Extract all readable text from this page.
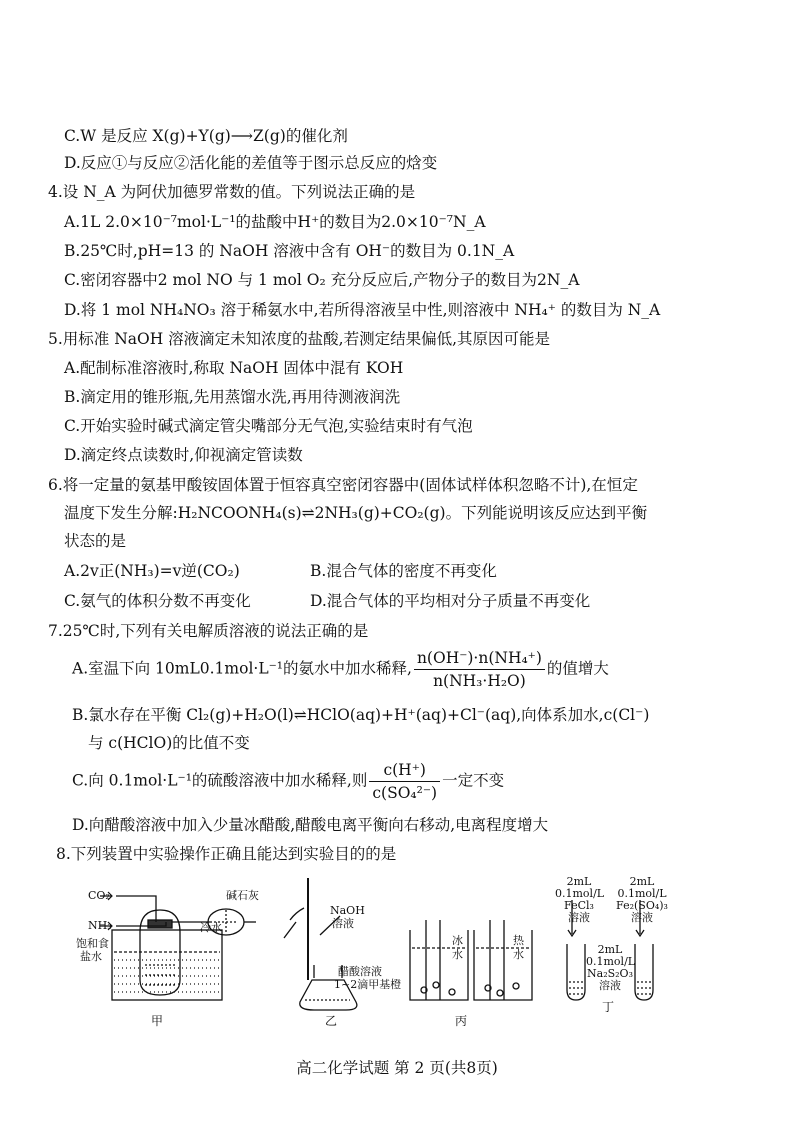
C.W 是反应 X(g)+Y(g)⟶Z(g)的催化剂
D.反应①与反应②活化能的差值等于图示总反应的焓变
4.设 N_A 为阿伏加德罗常数的值。下列说法正确的是
A.1L 2.0×10⁻⁷mol·L⁻¹的盐酸中H⁺的数目为2.0×10⁻⁷N_A
B.25℃时,pH=13 的 NaOH 溶液中含有 OH⁻的数目为 0.1N_A
C.密闭容器中2 mol NO 与 1 mol O₂ 充分反应后,产物分子的数目为2N_A
D.将 1 mol NH₄NO₃ 溶于稀氨水中,若所得溶液呈中性,则溶液中 NH₄⁺ 的数目为 N_A
5.用标准 NaOH 溶液滴定未知浓度的盐酸,若测定结果偏低,其原因可能是
A.配制标准溶液时,称取 NaOH 固体中混有 KOH
B.滴定用的锥形瓶,先用蒸馏水洗,再用待测液润洗
C.开始实验时碱式滴定管尖嘴部分无气泡,实验结束时有气泡
D.滴定终点读数时,仰视滴定管读数
6.将一定量的氨基甲酸铵固体置于恒容真空密闭容器中(固体试样体积忽略不计),在恒定
温度下发生分解:H₂NCOONH₄(s)⇌2NH₃(g)+CO₂(g)。下列能说明该反应达到平衡
状态的是
A.2v正(NH₃)=v逆(CO₂)	B.混合气体的密度不再变化
C.氨气的体积分数不再变化	D.混合气体的平均相对分子质量不再变化
7.25℃时,下列有关电解质溶液的说法正确的是
A.室温下向 10mL0.1mol·L⁻¹的氨水中加水稀释, $\frac{\text{n(OH⁻)·n(NH₄⁺)}}{\text{n(NH₃·H₂O)}}$ 的值增大
B.氯水存在平衡 Cl₂(g)+H₂O(l)⇌HClO(aq)+H⁺(aq)+Cl⁻(aq),向体系加水,c(Cl⁻)
与 c(HClO)的比值不变
C.向 0.1mol·L⁻¹的硫酸溶液中加水稀释,则 $\frac{c(H^+)}{\text{c(SO₄²⁻)}}$ 一定不变
D.向醋酸溶液中加入少量冰醋酸,醋酸电离平衡向右移动,电离程度增大
8.下列装置中实验操作正确且能达到实验目的的是
CO₂
NH₃
碱石灰
饱和食
盐水
冷水
甲
NaOH
溶液
醋酸溶液
1~2滴甲基橙
乙
冰
水
热
水
丙
2mL
0.1mol/L
FeCl₃
溶液
2mL
0.1mol/L
Fe₂(SO₄)₃
溶液
2mL
0.1mol/L
Na₂S₂O₃
溶液
丁
高二化学试题 第 2 页(共8页)
